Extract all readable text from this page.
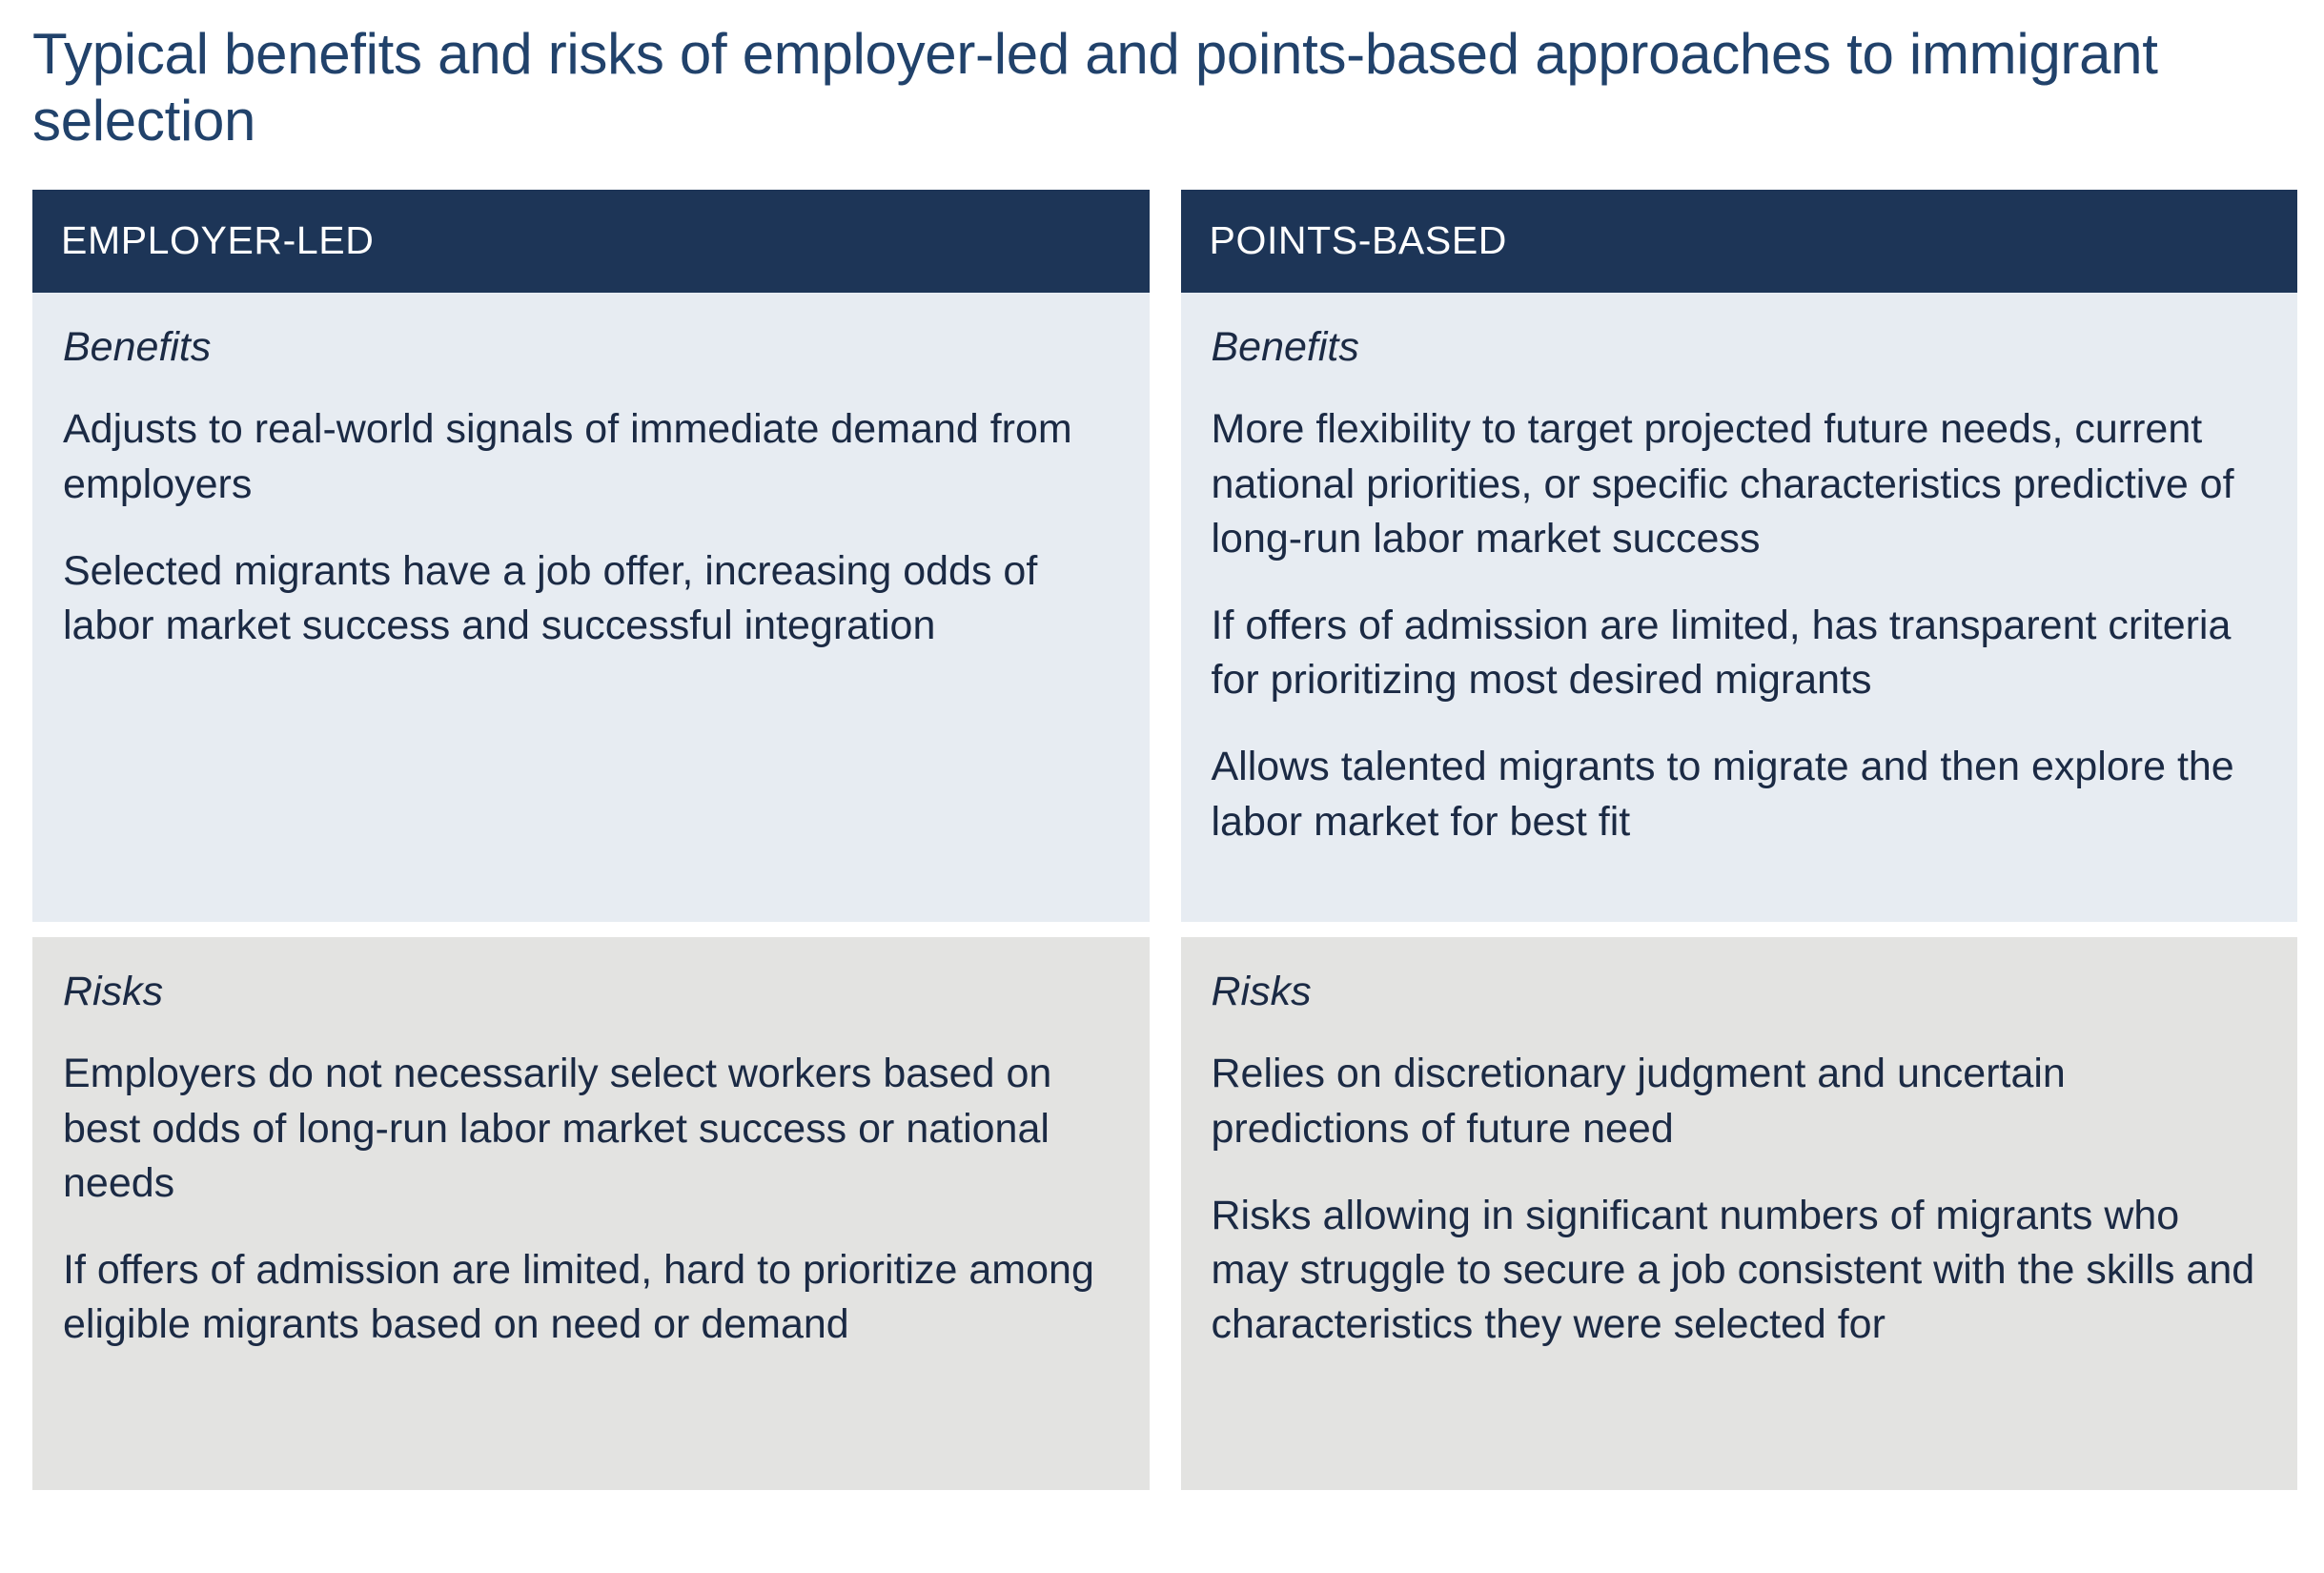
Typical benefits and risks of employer-led and points-based approaches to immigrant selection
EMPLOYER-LED
Benefits
Adjusts to real-world signals of immediate demand from employers
Selected migrants have a job offer, increasing odds of labor market success and successful integration
Risks
Employers do not necessarily select workers based on best odds of long-run labor market success or national needs
If offers of admission are limited, hard to prioritize among eligible migrants based on need or demand
POINTS-BASED
Benefits
More flexibility to target projected future needs, current national priorities, or specific characteristics predictive of long-run labor market success
If offers of admission are limited, has transparent criteria for prioritizing most desired migrants
Allows talented migrants to migrate and then explore the labor market for best fit
Risks
Relies on discretionary judgment and uncertain predictions of future need
Risks allowing in significant numbers of migrants who may struggle to secure a job consistent with the skills and characteristics they were selected for
